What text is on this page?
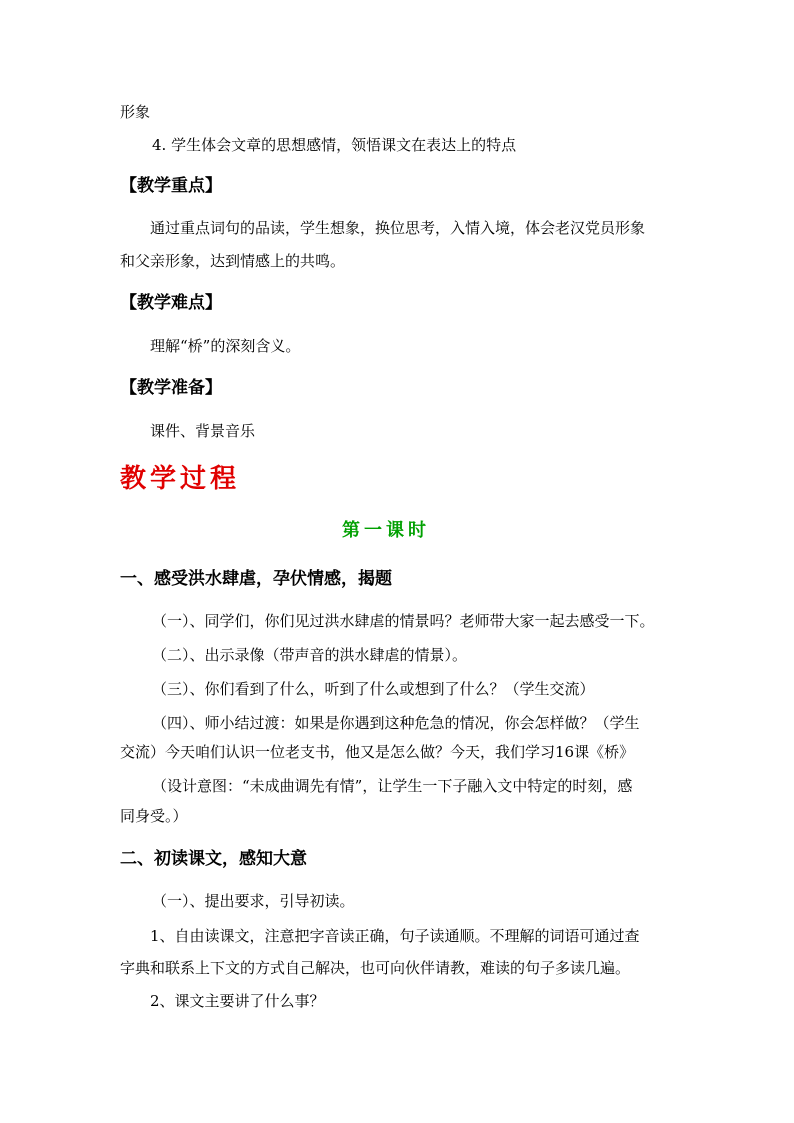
形象
4. 学生体会文章的思想感情，领悟课文在表达上的特点
【教学重点】
通过重点词句的品读，学生想象，换位思考，入情入境，体会老汉党员形象
和父亲形象，达到情感上的共鸣。
【教学难点】
理解“桥”的深刻含义。
【教学准备】
课件、背景音乐
教学过程
第一课时
一、感受洪水肆虐，孕伏情感，揭题
（一）、同学们，你们见过洪水肆虐的情景吗？老师带大家一起去感受一下。
（二）、出示录像（带声音的洪水肆虐的情景）。
（三）、你们看到了什么，听到了什么或想到了什么？（学生交流）
（四）、师小结过渡：如果是你遇到这种危急的情况，你会怎样做？（学生
交流）今天咱们认识一位老支书，他又是怎么做？今天，我们学习16课《桥》
（设计意图：“未成曲调先有情”，让学生一下子融入文中特定的时刻，感
同身受。）
二、初读课文，感知大意
（一）、提出要求，引导初读。
1、自由读课文，注意把字音读正确，句子读通顺。不理解的词语可通过查
字典和联系上下文的方式自己解决，也可向伙伴请教，难读的句子多读几遍。
2、课文主要讲了什么事？
